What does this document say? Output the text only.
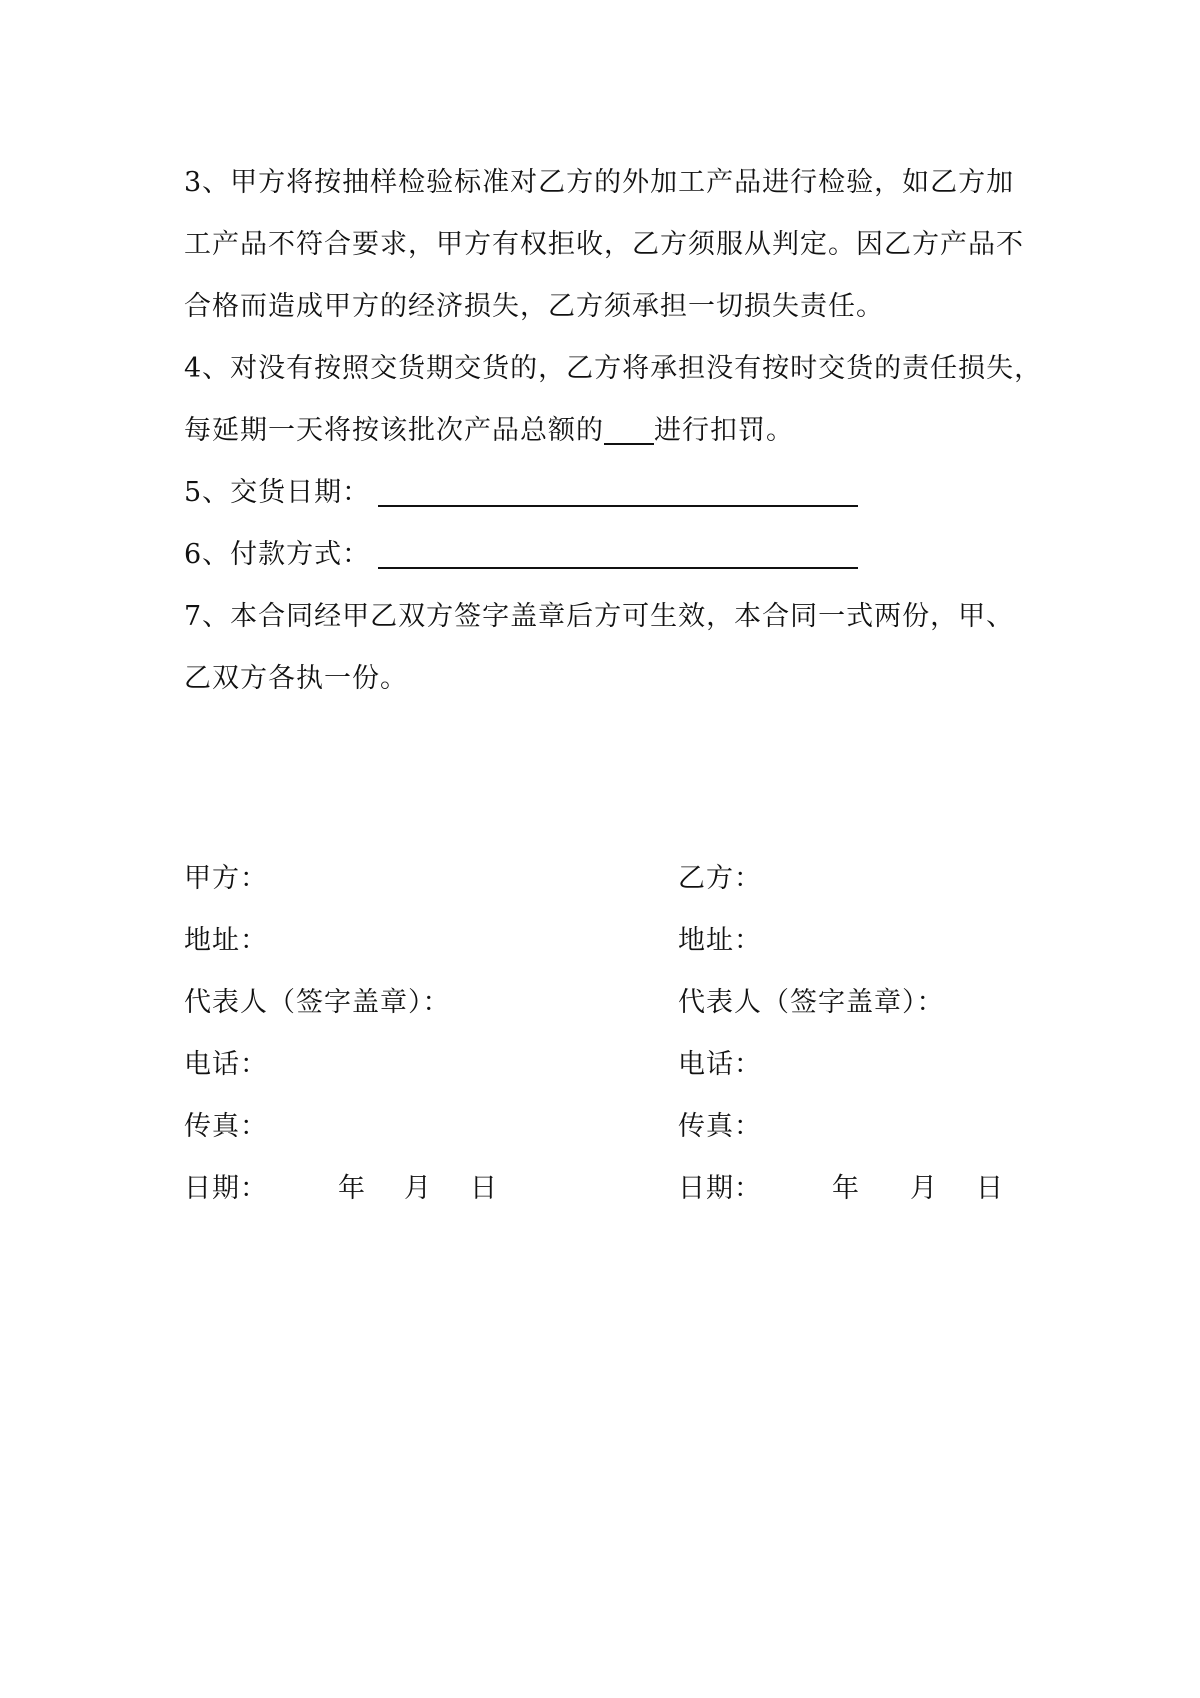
3、甲方将按抽样检验标准对乙方的外加工产品进行检验，如乙方加
工产品不符合要求，甲方有权拒收，乙方须服从判定。因乙方产品不
合格而造成甲方的经济损失，乙方须承担一切损失责任。
4、对没有按照交货期交货的，乙方将承担没有按时交货的责任损失，
每延期一天将按该批次产品总额的 进行扣罚。
5、交货日期：
6、付款方式：
7、本合同经甲乙双方签字盖章后方可生效，本合同一式两份，甲、
乙双方各执一份。
甲方：
地址：
代表人（签字盖章）：
电话：
传真：
日期：	年 月 日
乙方：
地址：
代表人（签字盖章）：
电话：
传真：
日期：	年 月 日
